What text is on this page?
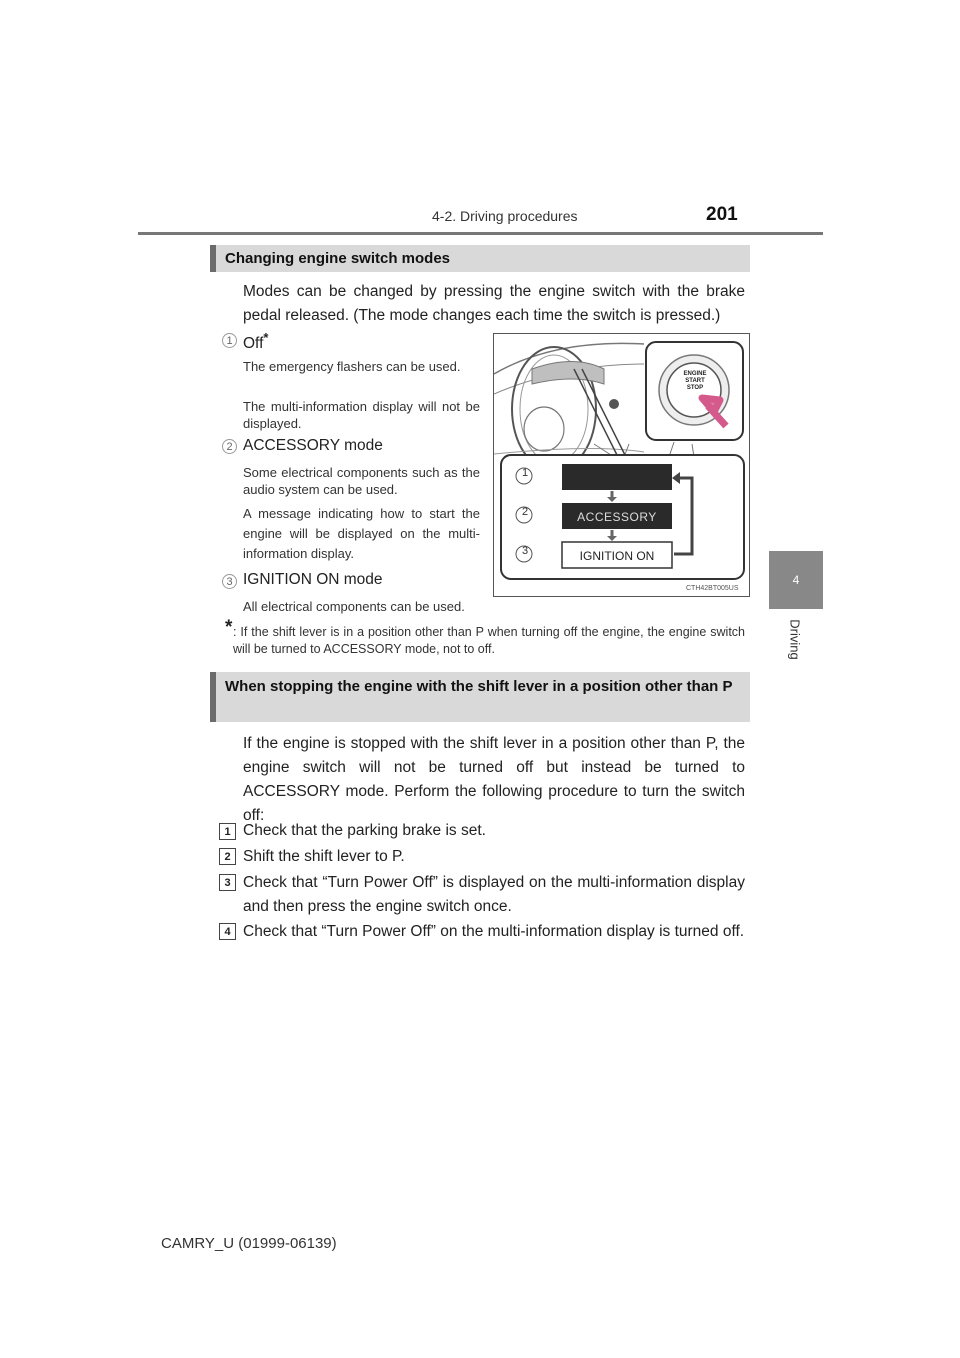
4-2. Driving procedures	201
4
Driving
Changing engine switch modes
Modes can be changed by pressing the engine switch with the brake pedal released. (The mode changes each time the switch is pressed.)
1 Off*
The emergency flashers can be used.
The multi-information display will not be displayed.
2 ACCESSORY mode
Some electrical components such as the audio system can be used.
A message indicating how to start the engine will be displayed on the multi-information display.
3 IGNITION ON mode
All electrical components can be used.
* : If the shift lever is in a position other than P when turning off the engine, the engine switch will be turned to ACCESSORY mode, not to off.
ENGINE
START
STOP
1
2
3
ACCESSORY
IGNITION ON
CTH42BT005US
When stopping the engine with the shift lever in a position other than P
If the engine is stopped with the shift lever in a position other than P, the engine switch will not be turned off but instead be turned to ACCESSORY mode. Perform the following procedure to turn the switch off:
1 Check that the parking brake is set.
2 Shift the shift lever to P.
3 Check that “Turn Power Off” is displayed on the multi-information display and then press the engine switch once.
4 Check that “Turn Power Off” on the multi-information display is turned off.
CAMRY_U (01999-06139)
